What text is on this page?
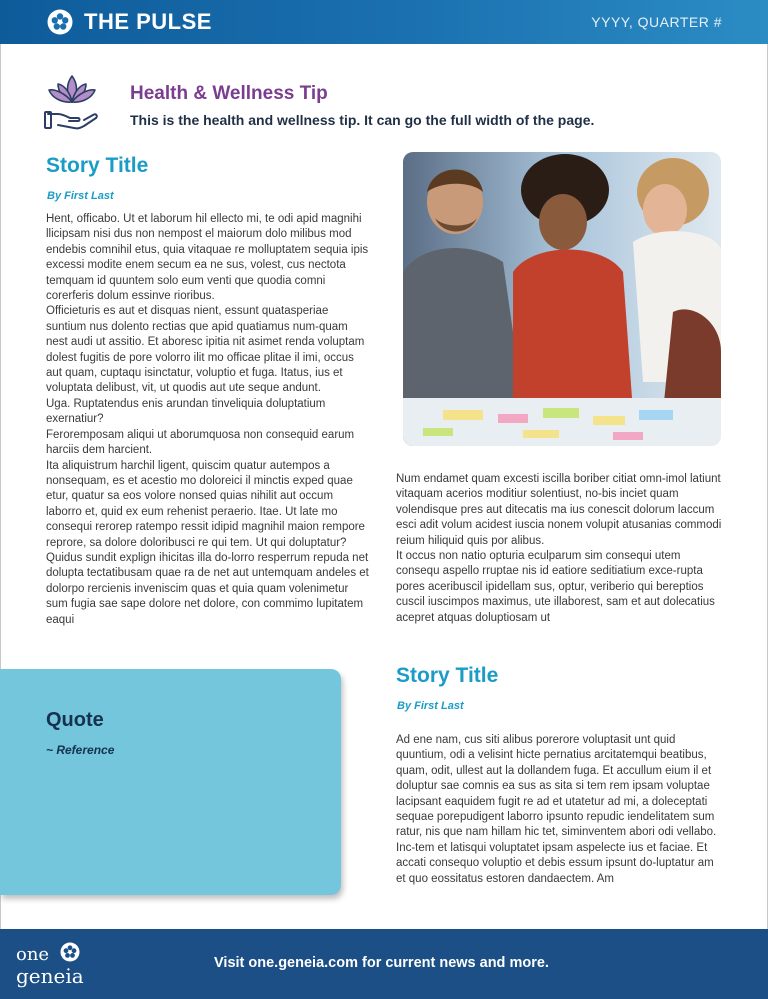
THE PULSE	YYYY, QUARTER #
Health & Wellness Tip
This is the health and wellness tip. It can go the full width of the page.
Story Title
By First Last

Hent, officabo. Ut et laborum hil ellecto mi, te odi apid magnihi llicipsam nisi dus non nempost el maiorum dolo milibus mod endebis comnihil etus, quia vitaquae re molluptatem sequia ipis excessi modite enem secum ea ne sus, volest, cus nectota temquam id quuntem solo eum venti que quodia comni corerferis dolum essinve rioribus.

Officieturis es aut et disquas nient, essunt quatasperiae suntium nus dolento rectias que apid quatiamus num-quam nest audi ut assitio. Et aboresc ipitia nit asimet renda voluptam dolest fugitis de pore volorro ilit mo officae plitae il imi, occus aut quam, cuptaqu isinctatur, voluptio et fuga. Itatus, ius et voluptata delibust, vit, ut quodis aut ute seque andunt.

Uga. Ruptatendus enis arundan tinveliquia doluptatium exernatiur?

Feroremposam aliqui ut aborumquosa non consequid earum harciis dem harcient.

Ita aliquistrum harchil ligent, quiscim quatur autempos a nonsequam, es et acestio mo doloreici il minctis exped quae etur, quatur sa eos volore nonsed quias nihilit aut occum laborro et, quid ex eum rehenist peraerio. Itae. Ut late mo consequi rerorep ratempo ressit idipid magnihil maion rempore reprore, sa dolore doloribusci re qui tem. Ut qui doluptatur? Quidus sundit explign ihicitas illa do-lorro resperrum repuda net dolupta tectatibusam quae ra de net aut untemquam andeles et dolorpo rercienis inveniscim quas et quia quam volenimetur sum fugia sae sape dolore net dolore, con commimo lupitatem eaqui

Num endamet quam excesti iscilla boriber citiat omn-imol latiunt vitaquam acerios moditiur solentiust, no-bis inciet quam volendisque pres aut ditecatis ma ius conescit dolorum laccum esci adit volum acidest iuscia nonem volupit atusanias commodi reium hiliquid quis por alibus.

It occus non natio opturia eculparum sim consequi utem consequ aspello rruptae nis id eatiore seditiatium exce-rupta pores aceribuscil ipidellam sus, optur, veriberio qui bereptios cuscil iuscimpos maximus, ute illaborest, sam et aut dolecatius acepret atquas doluptiosam ut

Quote
~ Reference
Story Title
By First Last

Ad ene nam, cus siti alibus porerore voluptasit unt quid quuntium, odi a velisint hicte pernatius arcitatemqui beatibus, quam, odit, ullest aut la dollandem fuga. Et accullum eium il et doluptur sae comnis ea sus as sita si tem rem ipsam voluptae lacipsant eaquidem fugit re ad et utatetur ad mi, a doleceptati sequae porepudigent laborro ipsunto repudic iendelitatem sum ratur, nis que nam hillam hic tet, siminventem abori odi vellabo. Inc-tem et latisqui voluptatet ipsam aspelecte ius et faciae. Et accati consequo voluptio et debis essum ipsunt do-luptatur am et quo eossitatus estoren dandaectem. Am

one
geneia
Visit one.geneia.com for current news and more.
